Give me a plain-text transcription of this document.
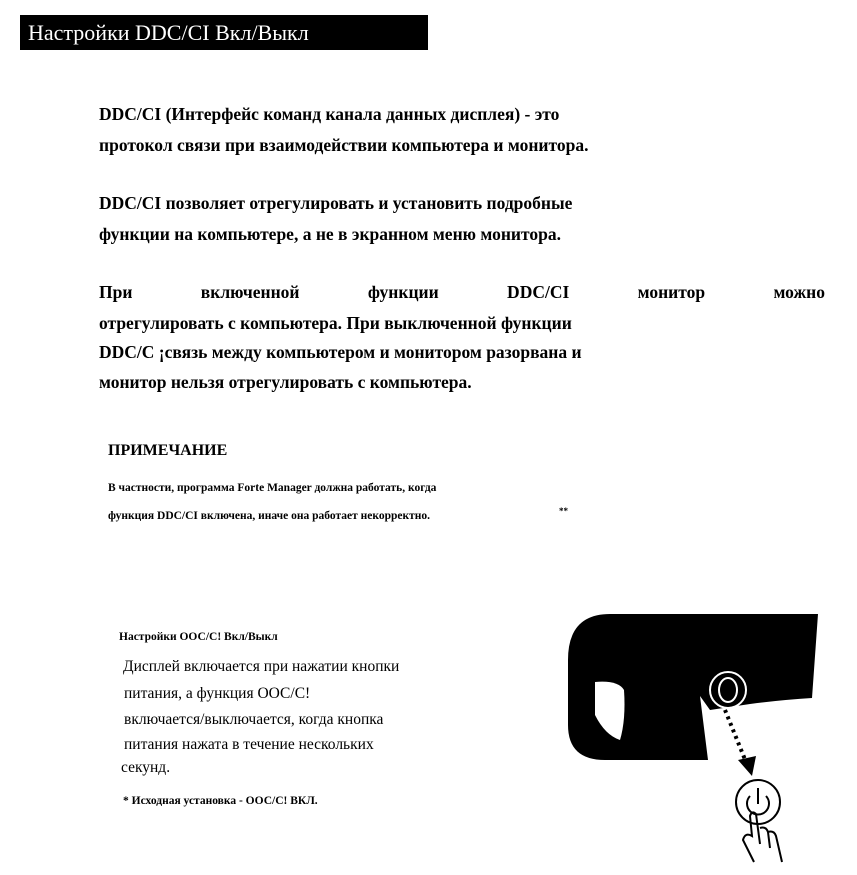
Настройки DDC/CI Вкл/Выкл
DDC/CI (Интерфейс команд канала данных дисплея) - это
протокол связи при взаимодействии компьютера и монитора.
DDC/CI позволяет отрегулировать и установить подробные
функции на компьютере, а не в экранном меню монитора.
При включенной функции DDC/CI монитор можно
отрегулировать с компьютера. При выключенной функции
DDC/C ¡связь между компьютером и монитором разорвана и
монитор нельзя отрегулировать с компьютера.
ПРИМЕЧАНИЕ
В частности, программа Forte Manager должна работать, когда
функция DDC/CI включена, иначе она работает некорректно.	**
Настройки ООС/С! Вкл/Выкл
Дисплей включается при нажатии кнопки
питания, а функция ООС/С!
включается/выключается, когда кнопка
питания нажата в течение нескольких
секунд.
* Исходная установка - ООС/С! ВКЛ.
